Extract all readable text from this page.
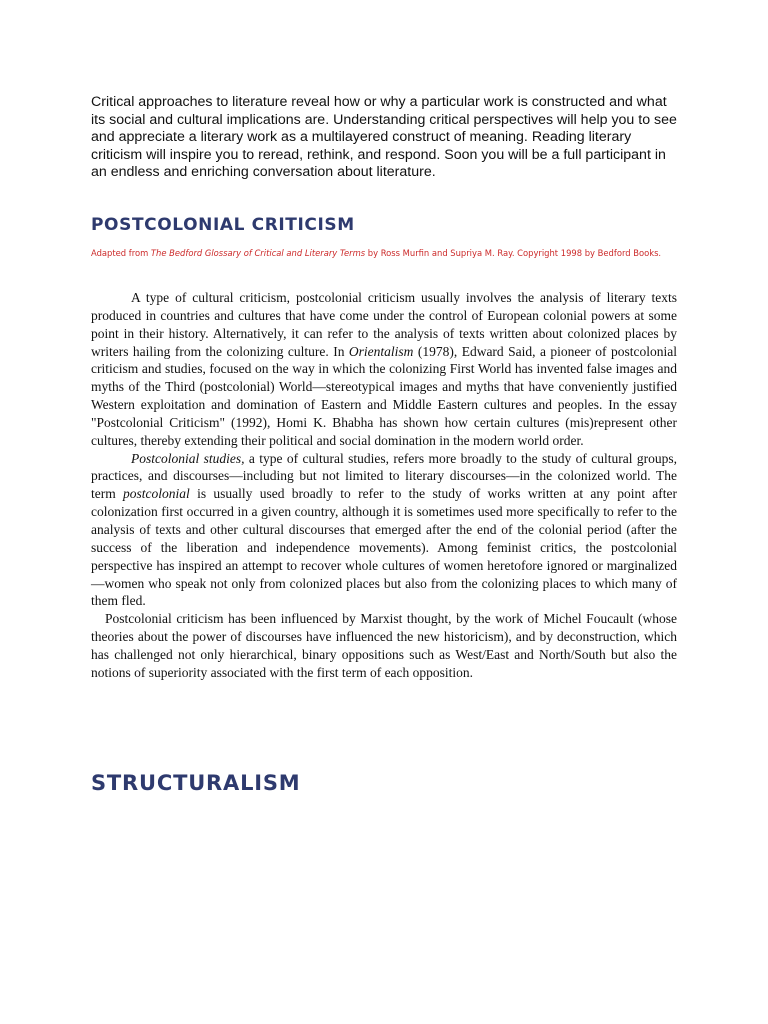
Critical approaches to literature reveal how or why a particular work is constructed and what its social and cultural implications are. Understanding critical perspectives will help you to see and appreciate a literary work as a multilayered construct of meaning. Reading literary criticism will inspire you to reread, rethink, and respond. Soon you will be a full participant in an endless and enriching conversation about literature.

POSTCOLONIAL CRITICISM

Adapted from The Bedford Glossary of Critical and Literary Terms by Ross Murfin and Supriya M. Ray. Copyright 1998 by Bedford Books.

A type of cultural criticism, postcolonial criticism usually involves the analysis of literary texts produced in countries and cultures that have come under the control of European colonial powers at some point in their history. Alternatively, it can refer to the analysis of texts written about colonized places by writers hailing from the colonizing culture. In Orientalism (1978), Edward Said, a pioneer of postcolonial criticism and studies, focused on the way in which the colonizing First World has invented false images and myths of the Third (postcolonial) World—stereotypical images and myths that have conveniently justified Western exploitation and domination of Eastern and Middle Eastern cultures and peoples. In the essay "Postcolonial Criticism" (1992), Homi K. Bhabha has shown how certain cultures (mis)represent other cultures, thereby extending their political and social domination in the modern world order.

Postcolonial studies, a type of cultural studies, refers more broadly to the study of cultural groups, practices, and discourses—including but not limited to literary discourses—in the colonized world. The term postcolonial is usually used broadly to refer to the study of works written at any point after colonization first occurred in a given country, although it is sometimes used more specifically to refer to the analysis of texts and other cultural discourses that emerged after the end of the colonial period (after the success of the liberation and independence movements). Among feminist critics, the postcolonial perspective has inspired an attempt to recover whole cultures of women heretofore ignored or marginalized—women who speak not only from colonized places but also from the colonizing places to which many of them fled.

Postcolonial criticism has been influenced by Marxist thought, by the work of Michel Foucault (whose theories about the power of discourses have influenced the new historicism), and by deconstruction, which has challenged not only hierarchical, binary oppositions such as West/East and North/South but also the notions of superiority associated with the first term of each opposition.

STRUCTURALISM
